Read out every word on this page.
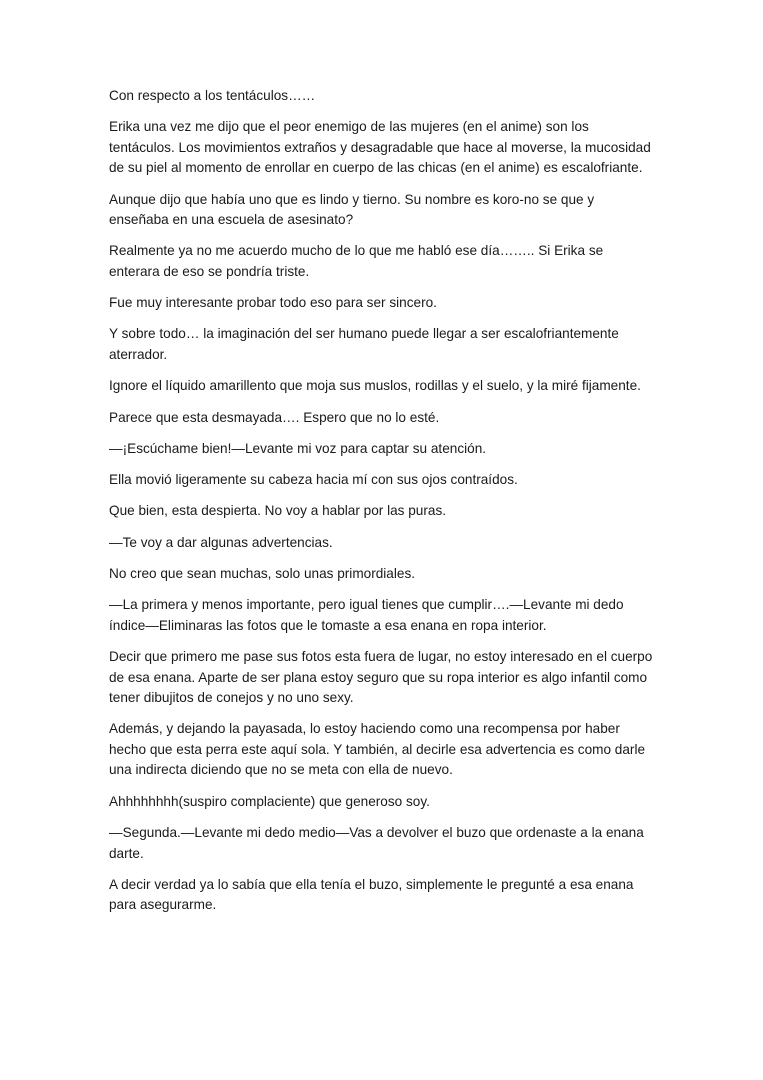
Con respecto a los tentáculos……

Erika una vez me dijo que el peor enemigo de las mujeres (en el anime) son los tentáculos. Los movimientos extraños y desagradable que hace al moverse, la mucosidad de su piel al momento de enrollar en cuerpo de las chicas (en el anime) es escalofriante.

Aunque dijo que había uno que es lindo y tierno. Su nombre es koro-no se que y enseñaba en una escuela de asesinato?

Realmente ya no me acuerdo mucho de lo que me habló ese día…….. Si Erika se enterara de eso se pondría triste.

Fue muy interesante probar todo eso para ser sincero.

Y sobre todo… la imaginación del ser humano puede llegar a ser escalofriantemente aterrador.

Ignore el líquido amarillento que moja sus muslos, rodillas y el suelo, y la miré fijamente.

Parece que esta desmayada…. Espero que no lo esté.

—¡Escúchame bien!—Levante mi voz para captar su atención.

Ella movió ligeramente su cabeza hacia mí con sus ojos contraídos.

Que bien, esta despierta. No voy a hablar por las puras.

—Te voy a dar algunas advertencias.

No creo que sean muchas, solo unas primordiales.

—La primera y menos importante, pero igual tienes que cumplir….—Levante mi dedo índice—Eliminaras las fotos que le tomaste a esa enana en ropa interior.

Decir que primero me pase sus fotos esta fuera de lugar, no estoy interesado en el cuerpo de esa enana. Aparte de ser plana estoy seguro que su ropa interior es algo infantil como tener dibujitos de conejos y no uno sexy.

Además, y dejando la payasada, lo estoy haciendo como una recompensa por haber hecho que esta perra este aquí sola. Y también, al decirle esa advertencia es como darle una indirecta diciendo que no se meta con ella de nuevo.

Ahhhhhhhh(suspiro complaciente) que generoso soy.

—Segunda.—Levante mi dedo medio—Vas a devolver el buzo que ordenaste a la enana darte.

A decir verdad ya lo sabía que ella tenía el buzo, simplemente le pregunté a esa enana para asegurarme.
